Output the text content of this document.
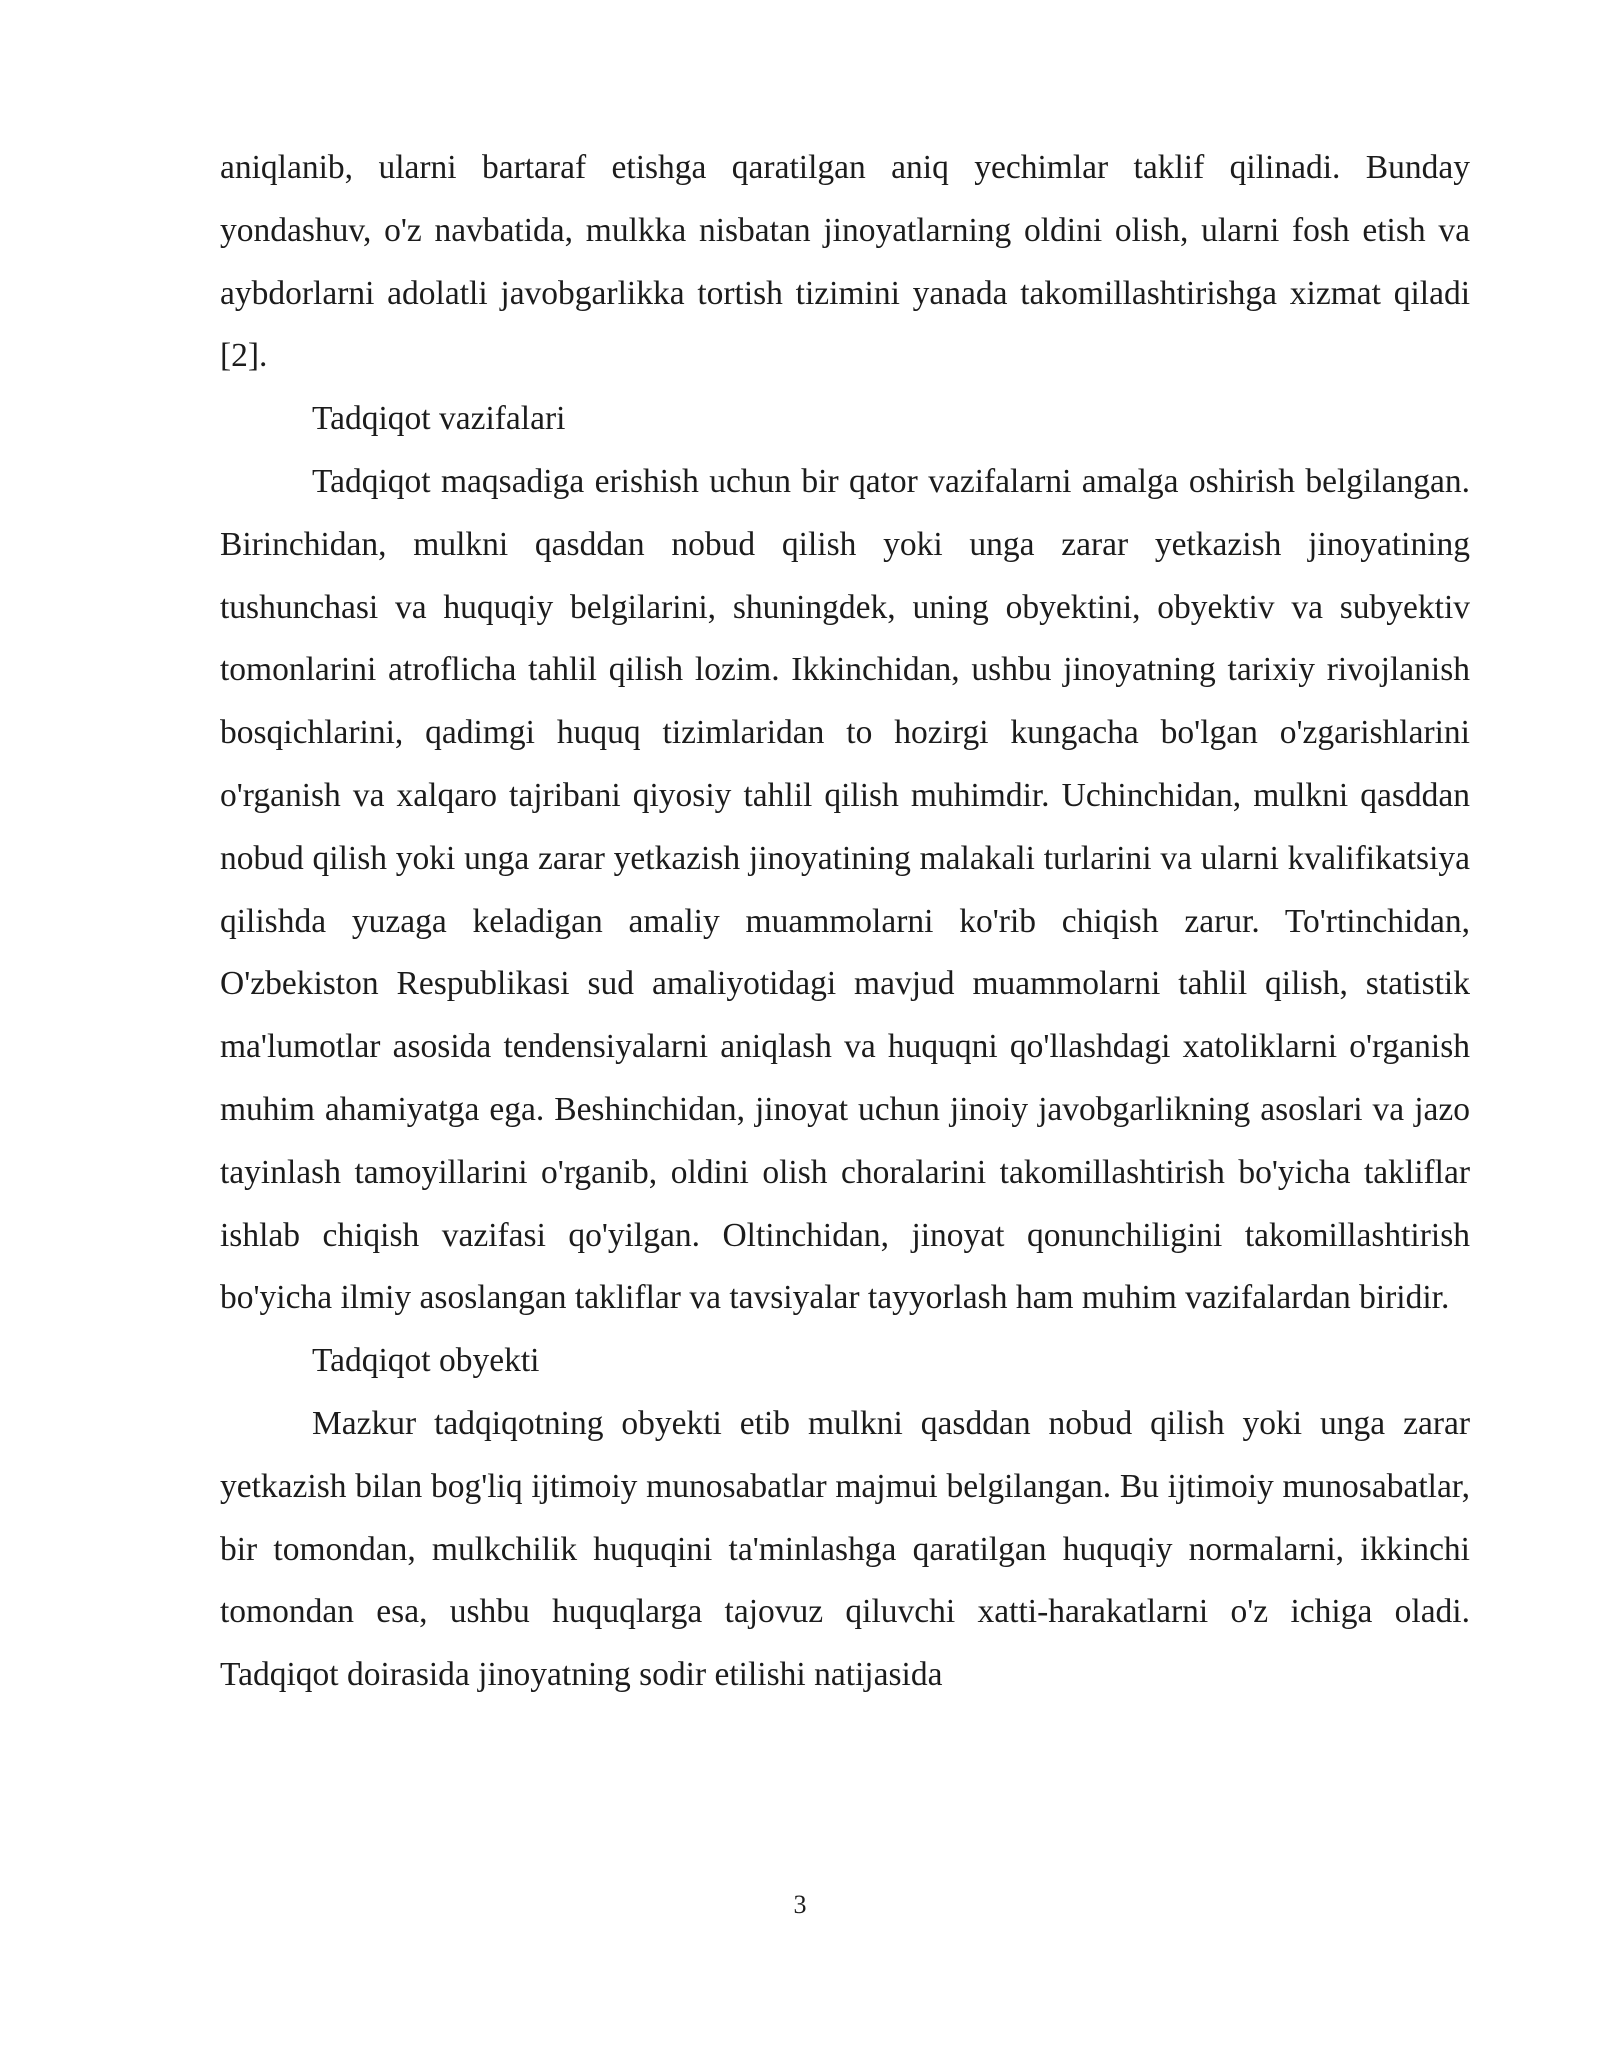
aniqlanib, ularni bartaraf etishga qaratilgan aniq yechimlar taklif qilinadi. Bunday yondashuv, o'z navbatida, mulkka nisbatan jinoyatlarning oldini olish, ularni fosh etish va aybdorlarni adolatli javobgarlikka tortish tizimini yanada takomillashtirishga xizmat qiladi [2].

Tadqiqot vazifalari

Tadqiqot maqsadiga erishish uchun bir qator vazifalarni amalga oshirish belgilangan. Birinchidan, mulkni qasddan nobud qilish yoki unga zarar yetkazish jinoyatining tushunchasi va huquqiy belgilarini, shuningdek, uning obyektini, obyektiv va subyektiv tomonlarini atroflicha tahlil qilish lozim. Ikkinchidan, ushbu jinoyatning tarixiy rivojlanish bosqichlarini, qadimgi huquq tizimlaridan to hozirgi kungacha bo'lgan o'zgarishlarini o'rganish va xalqaro tajribani qiyosiy tahlil qilish muhimdir. Uchinchidan, mulkni qasddan nobud qilish yoki unga zarar yetkazish jinoyatining malakali turlarini va ularni kvalifikatsiya qilishda yuzaga keladigan amaliy muammolarni ko'rib chiqish zarur. To'rtinchidan, O'zbekiston Respublikasi sud amaliyotidagi mavjud muammolarni tahlil qilish, statistik ma'lumotlar asosida tendensiyalarni aniqlash va huquqni qo'llashdagi xatoliklarni o'rganish muhim ahamiyatga ega. Beshinchidan, jinoyat uchun jinoiy javobgarlikning asoslari va jazo tayinlash tamoyillarini o'rganib, oldini olish choralarini takomillashtirish bo'yicha takliflar ishlab chiqish vazifasi qo'yilgan. Oltinchidan, jinoyat qonunchiligini takomillashtirish bo'yicha ilmiy asoslangan takliflar va tavsiyalar tayyorlash ham muhim vazifalardan biridir.

Tadqiqot obyekti

Mazkur tadqiqotning obyekti etib mulkni qasddan nobud qilish yoki unga zarar yetkazish bilan bog'liq ijtimoiy munosabatlar majmui belgilangan. Bu ijtimoiy munosabatlar, bir tomondan, mulkchilik huquqini ta'minlashga qaratilgan huquqiy normalarni, ikkinchi tomondan esa, ushbu huquqlarga tajovuz qiluvchi xatti-harakatlarni o'z ichiga oladi. Tadqiqot doirasida jinoyatning sodir etilishi natijasida

3
